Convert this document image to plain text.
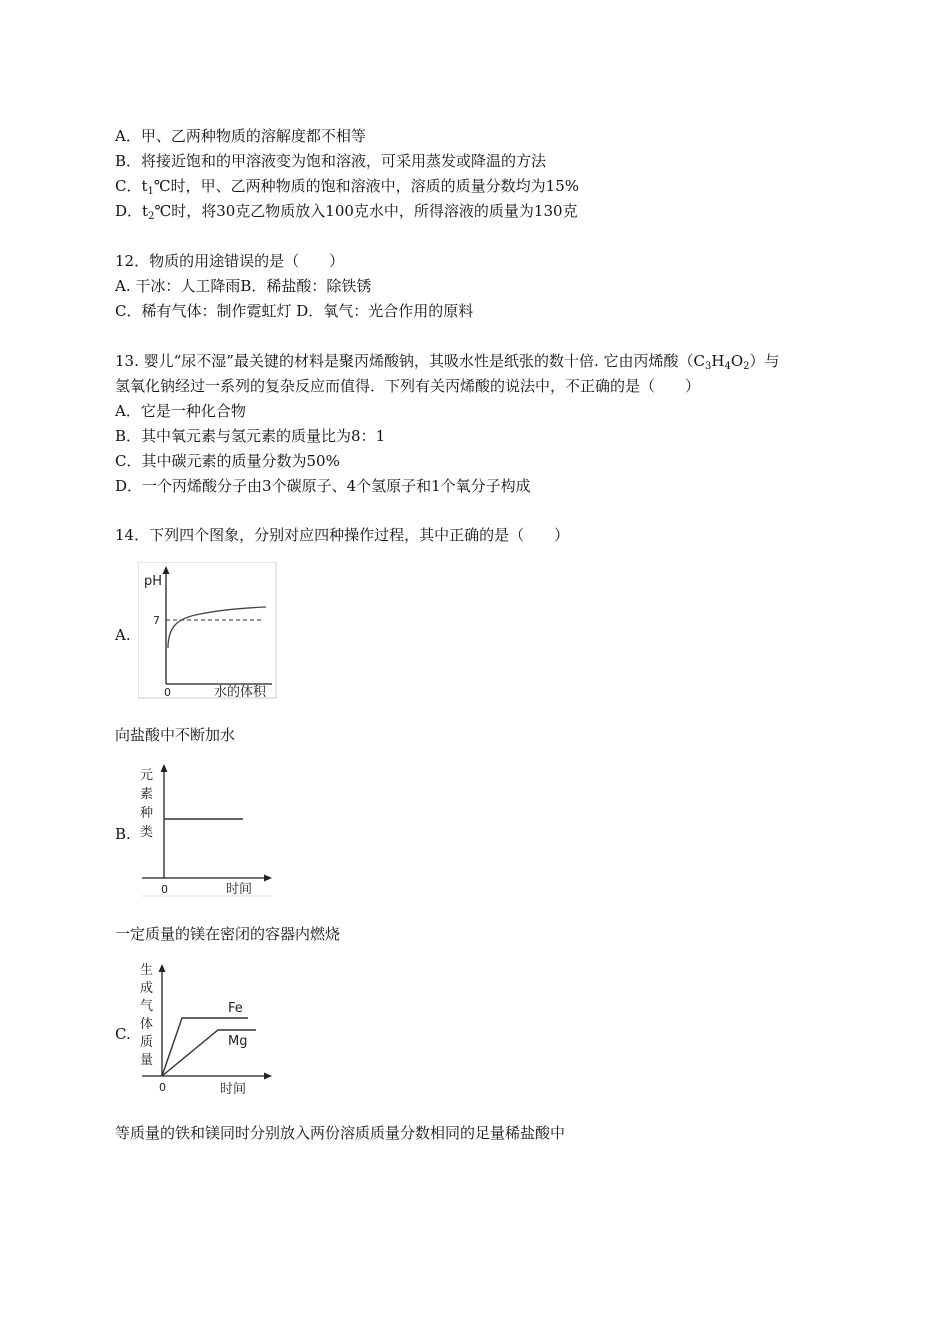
A．甲、乙两种物质的溶解度都不相等
B．将接近饱和的甲溶液变为饱和溶液，可采用蒸发或降温的方法
C．$t_1℃$时，甲、乙两种物质的饱和溶液中，溶质的质量分数均为15%
D．$t_2℃$时，将30克乙物质放入100克水中，所得溶液的质量为130克
12．物质的用途错误的是（　　）
A. 干冰：人工降雨B．稀盐酸：除铁锈
C．稀有气体：制作霓虹灯 D．氧气：光合作用的原料
13. 婴儿“尿不湿”最关键的材料是聚丙烯酸钠，其吸水性是纸张的数十倍. 它由丙烯酸$(C_3H_4O_2)$与
氢氧化钠经过一系列的复杂反应而值得．下列有关丙烯酸的说法中，不正确的是（　　）
A．它是一种化合物
B．其中氧元素与氢元素的质量比为8：1
C．其中碳元素的质量分数为50%
D．一个丙烯酸分子由3个碳原子、4个氢原子和1个氧分子构成
14．下列四个图象，分别对应四种操作过程，其中正确的是（　　）
A.
pH
7
0	水的体积
向盐酸中不断加水
B.
元
素
种
类
0	时间
一定质量的镁在密闭的容器内燃烧
C.
Fe
Mg
生
成
气
体
质
量
0	时间
等质量的铁和镁同时分别放入两份溶质质量分数相同的足量稀盐酸中
